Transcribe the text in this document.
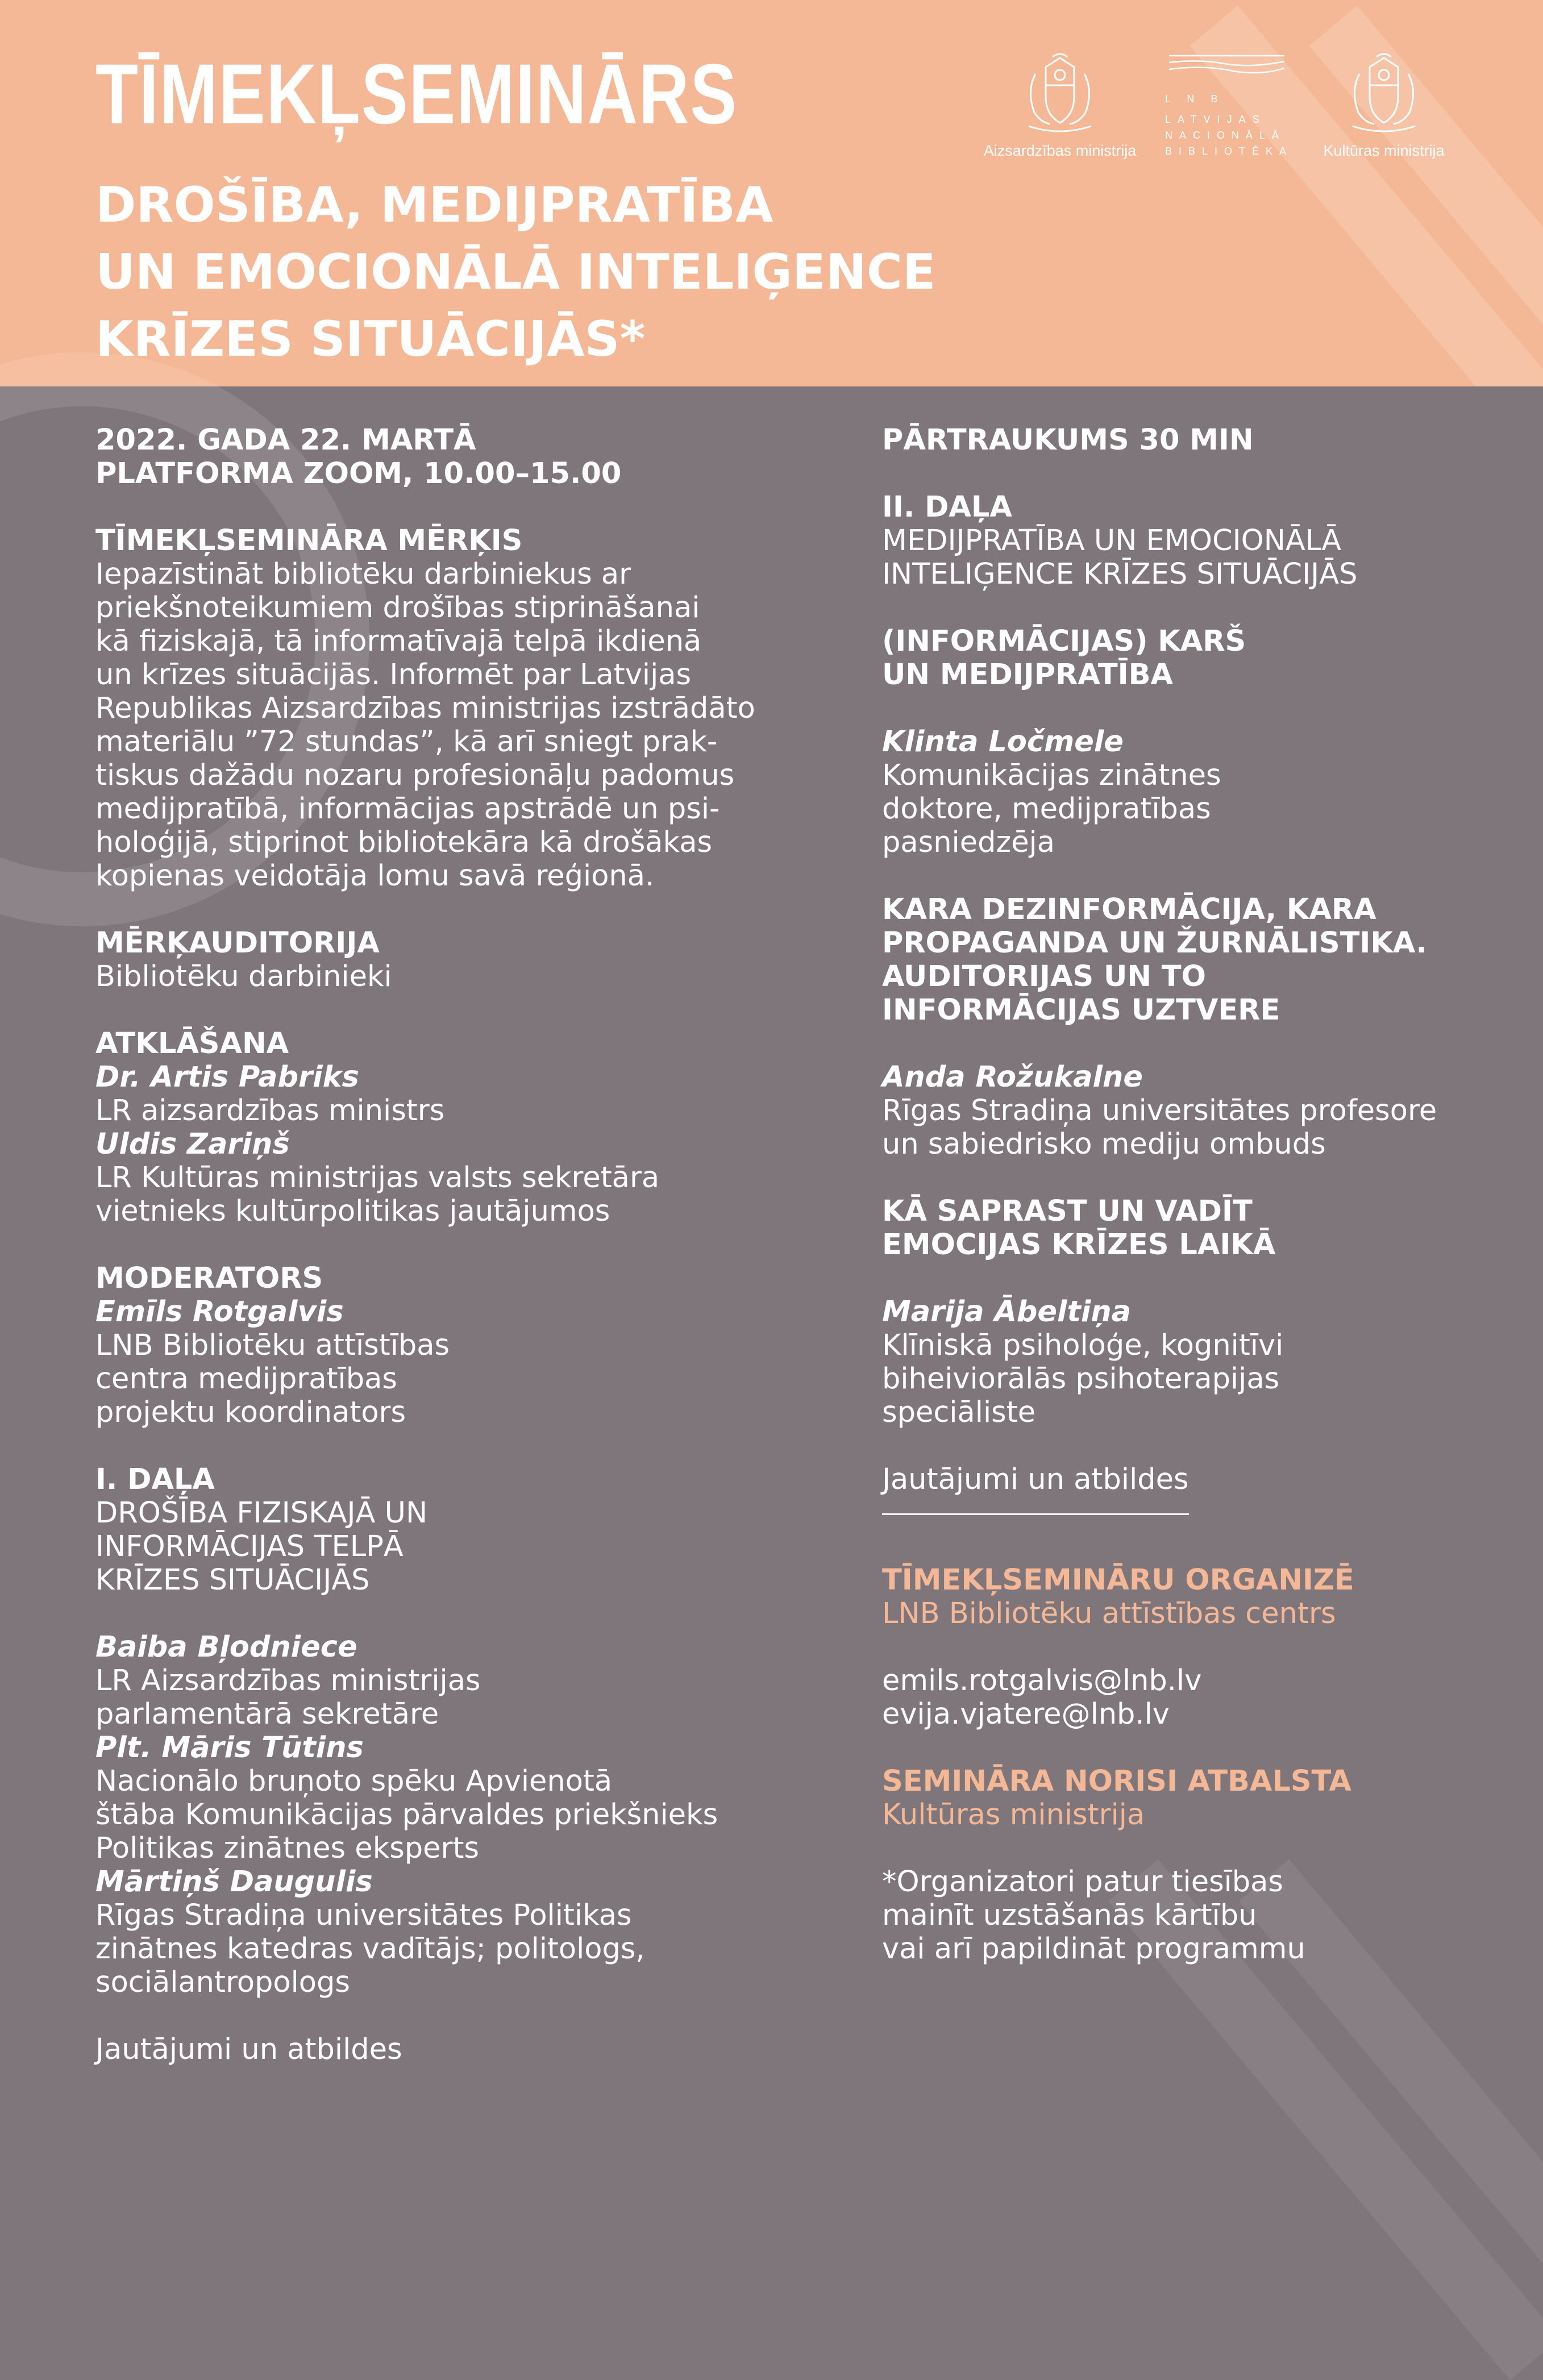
TĪMEKĻSEMINĀRS
DROŠĪBA, MEDIJPRATĪBA
UN EMOCIONĀLĀ INTELIĢENCE
KRĪZES SITUĀCIJĀS*
Aizsardzības ministrija
L N B
LATVIJAS
NACIONĀLĀ
BIBLIOTĒKA	Kultūras ministrija
2022. GADA 22. MARTĀ
PLATFORMA ZOOM, 10.00–15.00
TĪMEKĻSEMINĀRA MĒRĶIS
Iepazīstināt bibliotēku darbiniekus ar
priekšnoteikumiem drošības stiprināšanai
kā fiziskajā, tā informatīvajā telpā ikdienā
un krīzes situācijās. Informēt par Latvijas
Republikas Aizsardzības ministrijas izstrādāto
materiālu ”72 stundas”, kā arī sniegt prak-
tiskus dažādu nozaru profesionāļu padomus
medijpratībā, informācijas apstrādē un psi-
holoģijā, stiprinot bibliotekāra kā drošākas
kopienas veidotāja lomu savā reģionā.
MĒRĶAUDITORIJA
Bibliotēku darbinieki
ATKLĀŠANA
Dr. Artis Pabriks
LR aizsardzības ministrs
Uldis Zariņš
LR Kultūras ministrijas valsts sekretāra
vietnieks kultūrpolitikas jautājumos
MODERATORS
Emīls Rotgalvis
LNB Bibliotēku attīstības
centra medijpratības
projektu koordinators
I. DAĻA
DROŠĪBA FIZISKAJĀ UN
INFORMĀCIJAS TELPĀ
KRĪZES SITUĀCIJĀS
Baiba Bļodniece
LR Aizsardzības ministrijas
parlamentārā sekretāre
Plt. Māris Tūtins
Nacionālo bruņoto spēku Apvienotā
štāba Komunikācijas pārvaldes priekšnieks
Politikas zinātnes eksperts
Mārtiņš Daugulis
Rīgas Stradiņa universitātes Politikas
zinātnes katedras vadītājs; politologs,
sociālantropologs
Jautājumi un atbildes
PĀRTRAUKUMS 30 MIN
II. DAĻA
MEDIJPRATĪBA UN EMOCIONĀLĀ
INTELIĢENCE KRĪZES SITUĀCIJĀS
(INFORMĀCIJAS) KARŠ
UN MEDIJPRATĪBA
Klinta Ločmele
Komunikācijas zinātnes
doktore, medijpratības
pasniedzēja
KARA DEZINFORMĀCIJA, KARA
PROPAGANDA UN ŽURNĀLISTIKA.
AUDITORIJAS UN TO
INFORMĀCIJAS UZTVERE
Anda Rožukalne
Rīgas Stradiņa universitātes profesore
un sabiedrisko mediju ombuds
KĀ SAPRAST UN VADĪT
EMOCIJAS KRĪZES LAIKĀ
Marija Ābeltiņa
Klīniskā psiholoģe, kognitīvi
biheiviorālās psihoterapijas
speciāliste
Jautājumi un atbildes
TĪMEKĻSEMINĀRU ORGANIZĒ
LNB Bibliotēku attīstības centrs
emils.rotgalvis@lnb.lv
evija.vjatere@lnb.lv
SEMINĀRA NORISI ATBALSTA
Kultūras ministrija
*Organizatori patur tiesības
mainīt uzstāšanās kārtību
vai arī papildināt programmu
